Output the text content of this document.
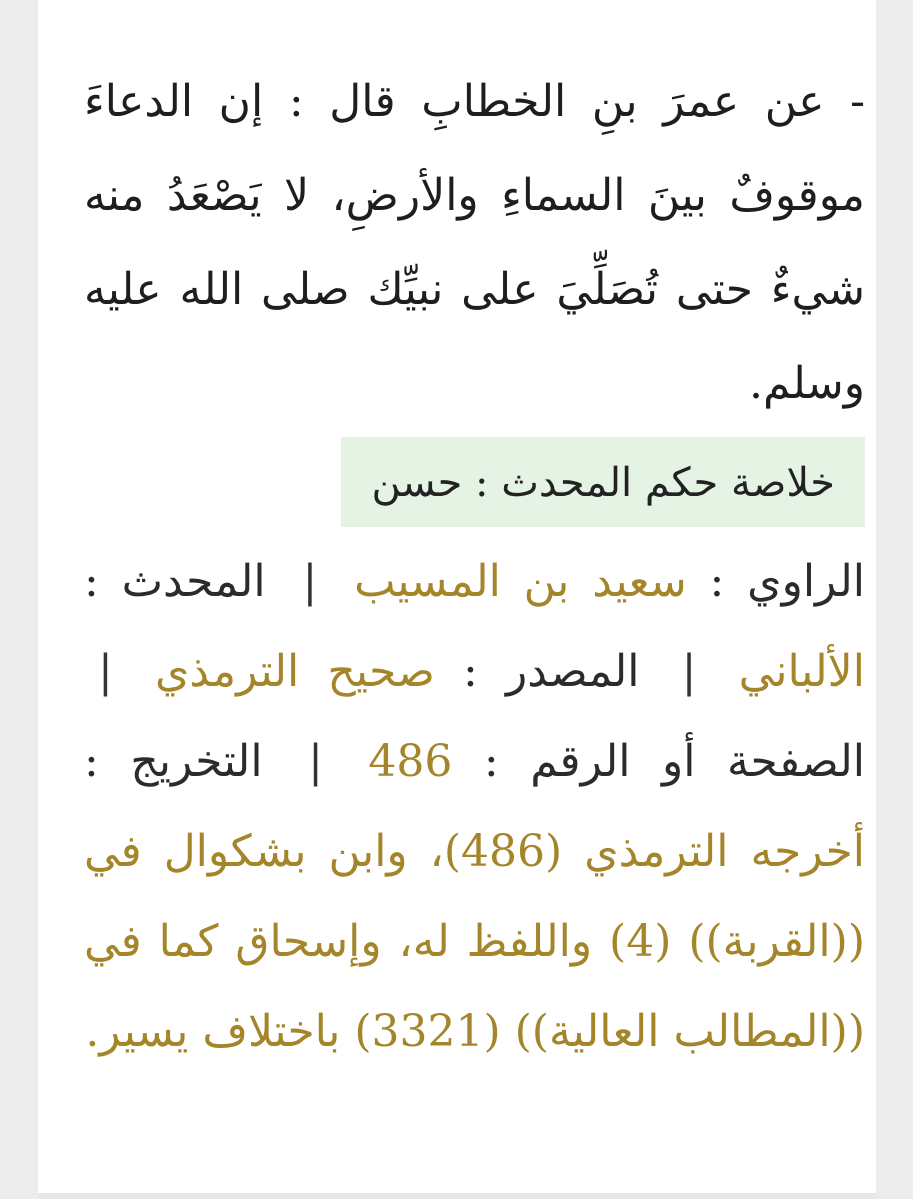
- عن عمرَ بنِ الخطابِ قال : إن الدعاءَ موقوفٌ بينَ السماءِ والأرضِ، لا يَصْعَدُ منه شيءٌ حتى تُصَلِّيَ على نبيِّك صلى الله عليه وسلم.

خلاصة حكم المحدث : حسن

الراوي : سعيد بن المسيب | المحدث : الألباني | المصدر : صحيح الترمذي | الصفحة أو الرقم : 486 | التخريج : أخرجه الترمذي (486)، وابن بشكوال في ((القربة)) (4) واللفظ له، وإسحاق كما في ((المطالب العالية)) (3321) باختلاف يسير.
